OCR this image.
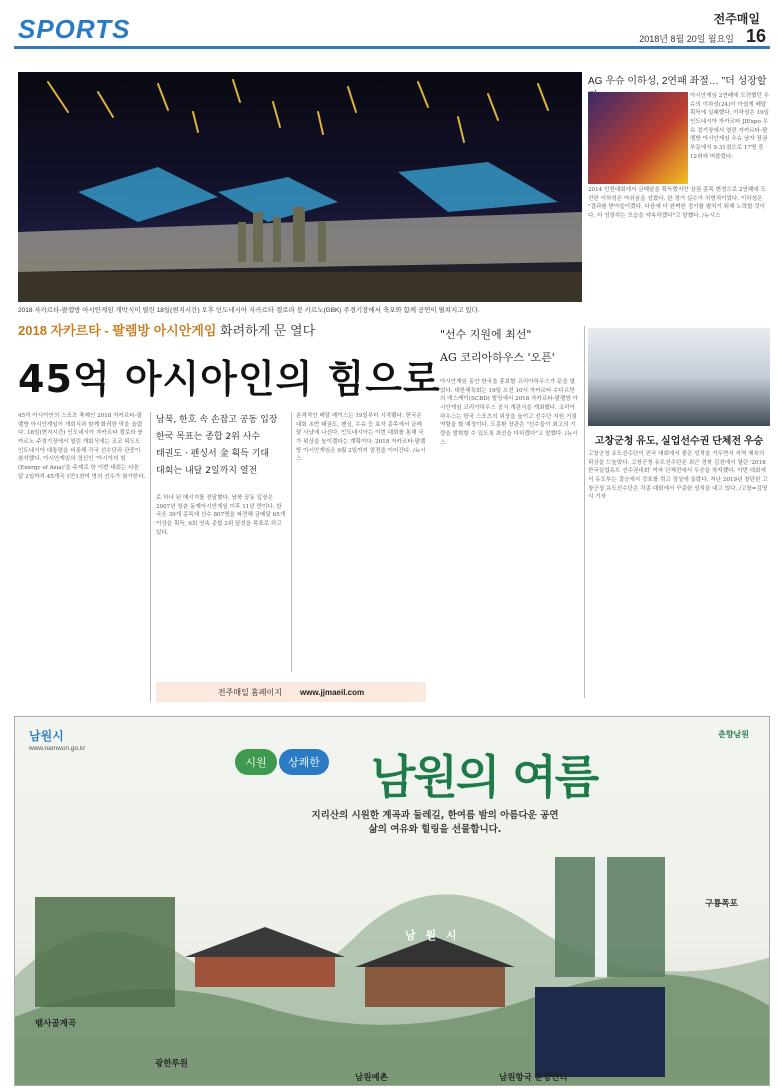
SPORTS	전주매일
2018년 8월 20일 월요일 16
2018 자카르타-팔렘방 아시안게임 개막식이 열린 18일(현지시간) 오후 인도네시아 자카르타 겔로라 붕 카르노(GBK) 주경기장에서 축포와 함께 공연이 펼쳐지고 있다.
AG 우슈 이하성, 2연패 좌절… "더 성장할
아시안게임 2연패에 도전했던 우슈의 이하성(24)이 아쉽게 메달 획득에 실패했다. 이하성은 19일 인도네시아 자카르타 JIExpo 우슈 경기장에서 열린 자카르타-팔렘방 아시안게임 우슈 남자 장권 부문에서 9.31점으로 17명 중 12위에 머물렀다.
2014 인천대회에서 금메달을 획득했지만 장권 종목 변경으로 2연패에 도전한 이하성은 아쉬움을 삼켰다. 한 경기 실수가 치명적이었다. 이하성은 "결과를 받아들이겠다. 다음에 더 완벽한 경기를 펼치기 위해 노력할 것이다. 더 성장하는 모습을 약속하겠다"고 말했다. /뉴시스
2018 자카르타 - 팔렘방 아시안게임 화려하게 문 열다
45억 아시아인의 힘으로
45억 아시아인의 스포츠 축제인 2018 자카르타-팔렘방 아시안게임이 개회식과 함께 화려한 막을 올렸다. 18일(현지시간) 인도네시아 자카르타 겔로라 붕 카르노 주경기장에서 열린 개회식에는 조코 위도도 인도네시아 대통령을 비롯해 각국 선수단과 관중이 참석했다. 아시안게임의 정신인 '아시아의 힘(Energy of Asia)'을 주제로 한 이번 대회는 다음 달 2일까지 45개국 1만1천여 명의 선수가 참가한다.
남북, 한호 속 손잡고 공동 입장
한국 목표는 종합 2위 사수
태권도 · 펜싱서 金 획득 기대
대회는 내달 2일까지 열전
로 하나 된 메시지를 전달했다. 남북 공동 입장은 2007년 창춘 동계아시안게임 이후 11년 만이다. 한국은 39개 종목에 선수 807명을 파견해 금메달 65개 이상을 획득, 6회 연속 종합 2위 달성을 목표로 하고 있다.
본격적인 메달 레이스는 19일부터 시작됐다. 한국은 대회 초반 태권도, 펜싱, 우슈 등 효자 종목에서 금메달 사냥에 나선다. 인도네시아는 이번 대회를 통해 국가 위상을 높이겠다는 계획이다. 2018 자카르타-팔렘방 아시안게임은 9월 2일까지 열전을 이어간다. /뉴시스
전주매일 홈페이지 www.jjmaeil.com
"선수 지원에 최선"
AG 코리아하우스 '오픈'
아시안게임 동안 한국을 홍보할 코리아하우스가 문을 열었다. 대한체육회는 19일 오전 10시 자카르타 수디르만의 에스케이(SCBD) 빌딩에서 2018 자카르타-팔렘방 아시안게임 코리아하우스 공식 개관식을 개최했다. 코리아하우스는 한국 스포츠의 위상을 높이고 선수단 지원 거점 역할을 할 예정이다. 도종환 장관은 "선수들이 최고의 기량을 발휘할 수 있도록 최선을 다하겠다"고 말했다. /뉴시스	고창군청 유도, 실업선수권 단체전 우승
고창군청 유도선수단이 전국 대회에서 좋은 성적을 거두면서 지역 체육의 위상을 드높였다. 고창군청 유도선수단은 최근 경북 김천에서 열린 '2018 한국실업유도 선수권대회' 여자 단체전에서 우승을 차지했다. 이번 대회에서 유도부는 결승에서 강호를 꺾고 정상에 올랐다. 지난 2019년 창단한 고창군청 유도선수단은 각종 대회에서 꾸준한 성적을 내고 있다. /고창=김영식 기자
남원시
www.namwon.go.kr
춘향남원
시원 상쾌한 남원의 여름
지리산의 시원한 계곡과 둘레길, 한여름 밤의 아름다운 공연
삶의 여유와 힐링을 선물합니다.
뱀사골계곡
광한루원
남원예촌	남원항국 춘향만리
구룡폭포
남 원 시
